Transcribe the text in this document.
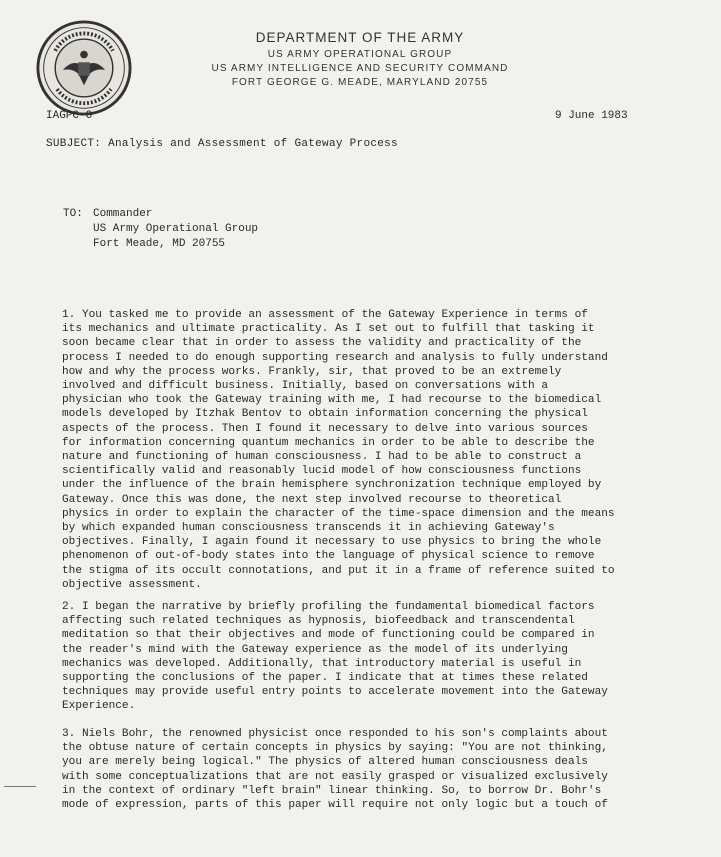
DEPARTMENT OF THE ARMY
US ARMY OPERATIONAL GROUP
US ARMY INTELLIGENCE AND SECURITY COMMAND
FORT GEORGE G. MEADE, MARYLAND 20755
IAGPC-O	9 June 1983
SUBJECT: Analysis and Assessment of Gateway Process
TO: Commander
US Army Operational Group
Fort Meade, MD 20755
1. You tasked me to provide an assessment of the Gateway Experience in terms of
its mechanics and ultimate practicality. As I set out to fulfill that tasking it
soon became clear that in order to assess the validity and practicality of the
process I needed to do enough supporting research and analysis to fully understand
how and why the process works. Frankly, sir, that proved to be an extremely
involved and difficult business. Initially, based on conversations with a
physician who took the Gateway training with me, I had recourse to the biomedical
models developed by Itzhak Bentov to obtain information concerning the physical
aspects of the process. Then I found it necessary to delve into various sources
for information concerning quantum mechanics in order to be able to describe the
nature and functioning of human consciousness. I had to be able to construct a
scientifically valid and reasonably lucid model of how consciousness functions
under the influence of the brain hemisphere synchronization technique employed by
Gateway. Once this was done, the next step involved recourse to theoretical
physics in order to explain the character of the time-space dimension and the means
by which expanded human consciousness transcends it in achieving Gateway's
objectives. Finally, I again found it necessary to use physics to bring the whole
phenomenon of out-of-body states into the language of physical science to remove
the stigma of its occult connotations, and put it in a frame of reference suited to
objective assessment.
2. I began the narrative by briefly profiling the fundamental biomedical factors
affecting such related techniques as hypnosis, biofeedback and transcendental
meditation so that their objectives and mode of functioning could be compared in
the reader's mind with the Gateway experience as the model of its underlying
mechanics was developed. Additionally, that introductory material is useful in
supporting the conclusions of the paper. I indicate that at times these related
techniques may provide useful entry points to accelerate movement into the Gateway
Experience.
3. Niels Bohr, the renowned physicist once responded to his son's complaints about
the obtuse nature of certain concepts in physics by saying: "You are not thinking,
you are merely being logical." The physics of altered human consciousness deals
with some conceptualizations that are not easily grasped or visualized exclusively
in the context of ordinary "left brain" linear thinking. So, to borrow Dr. Bohr's
mode of expression, parts of this paper will require not only logic but a touch of
